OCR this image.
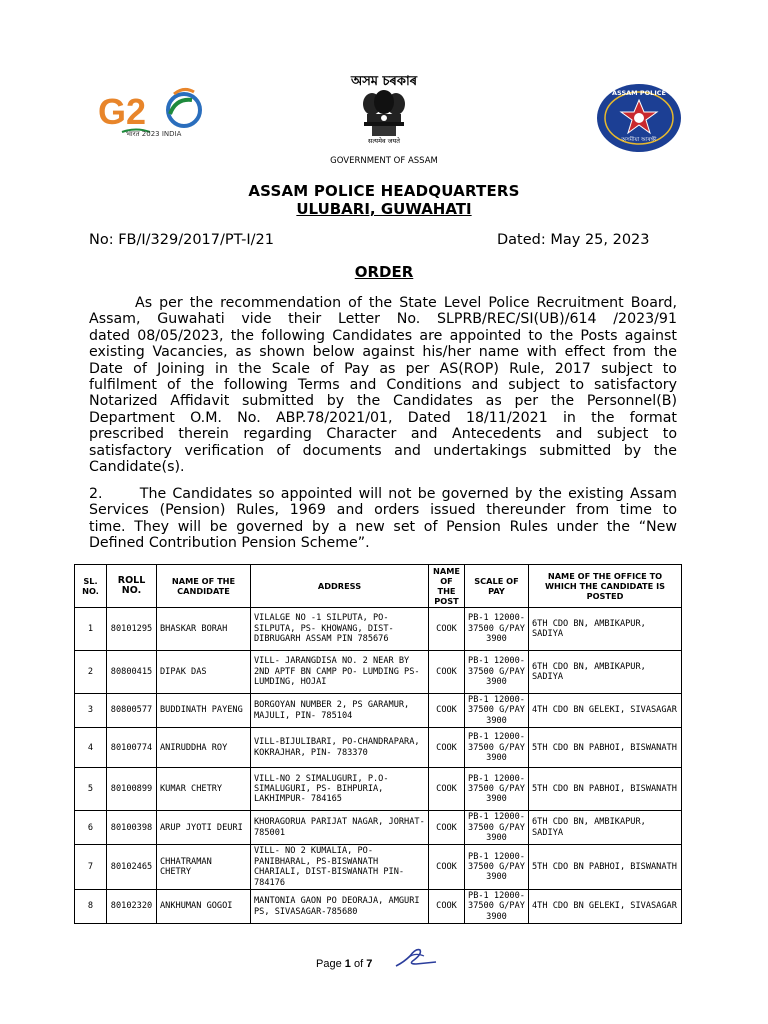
G2
भारत 2023 INDIA
অসম চৰকাৰ
सत्यमेव जयते
GOVERNMENT OF ASSAM
ASSAM POLICE
অসমীয়া আৰক্ষী
ASSAM POLICE HEADQUARTERS
ULUBARI, GUWAHATI
No: FB/I/329/2017/PT-I/21	Dated: May 25, 2023
ORDER
As per the recommendation of the State Level Police Recruitment Board,
Assam, Guwahati vide their Letter No. SLPRB/REC/SI(UB)/614 /2023/91
dated 08/05/2023, the following Candidates are appointed to the Posts against
existing Vacancies, as shown below against his/her name with effect from the
Date of Joining in the Scale of Pay as per AS(ROP) Rule, 2017 subject to
fulfilment of the following Terms and Conditions and subject to satisfactory
Notarized Affidavit submitted by the Candidates as per the Personnel(B)
Department O.M. No. ABP.78/2021/01, Dated 18/11/2021 in the format
prescribed therein regarding Character and Antecedents and subject to
satisfactory verification of documents and undertakings submitted by the
Candidate(s).
2.      The Candidates so appointed will not be governed by the existing Assam
Services (Pension) Rules, 1969 and orders issued thereunder from time to
time. They will be governed by a new set of Pension Rules under the “New
Defined Contribution Pension Scheme”.
SL. NO.	ROLL NO.	NAME OF THE CANDIDATE	ADDRESS	NAME OF THE POST	SCALE OF PAY	NAME OF THE OFFICE TO WHICH THE CANDIDATE IS POSTED
1	80101295	BHASKAR BORAH	VILALGE NO -1 SILPUTA, PO- SILPUTA, PS- KHOWANG, DIST- DIBRUGARH ASSAM PIN 785676	COOK	PB-1 12000-37500 G/PAY 3900	6TH CDO BN, AMBIKAPUR, SADIYA
2	80800415	DIPAK DAS	VILL- JARANGDISA NO. 2 NEAR BY 2ND APTF BN CAMP PO- LUMDING PS- LUMDING, HOJAI	COOK	PB-1 12000-37500 G/PAY 3900	6TH CDO BN, AMBIKAPUR, SADIYA
3	80800577	BUDDINATH PAYENG	BORGOYAN NUMBER 2, PS GARAMUR, MAJULI, PIN- 785104	COOK	PB-1 12000-37500 G/PAY 3900	4TH CDO BN GELEKI, SIVASAGAR
4	80100774	ANIRUDDHA ROY	VILL-BIJULIBARI, PO-CHANDRAPARA, KOKRAJHAR, PIN- 783370	COOK	PB-1 12000-37500 G/PAY 3900	5TH CDO BN PABHOI, BISWANATH
5	80100899	KUMAR CHETRY	VILL-NO 2 SIMALUGURI, P.O- SIMALUGURI, PS- BIHPURIA, LAKHIMPUR- 784165	COOK	PB-1 12000-37500 G/PAY 3900	5TH CDO BN PABHOI, BISWANATH
6	80100398	ARUP JYOTI DEURI	KHORAGORUA PARIJAT NAGAR, JORHAT- 785001	COOK	PB-1 12000-37500 G/PAY 3900	6TH CDO BN, AMBIKAPUR, SADIYA
7	80102465	CHHATRAMAN CHETRY	VILL- NO 2 KUMALIA, PO-PANIBHARAL, PS-BISWANATH CHARIALI, DIST-BISWANATH PIN-784176	COOK	PB-1 12000-37500 G/PAY 3900	5TH CDO BN PABHOI, BISWANATH
8	80102320	ANKHUMAN GOGOI	MANTONIA GAON PO DEORAJA, AMGURI PS, SIVASAGAR-785680	COOK	PB-1 12000-37500 G/PAY 3900	4TH CDO BN GELEKI, SIVASAGAR
Page 1 of 7
